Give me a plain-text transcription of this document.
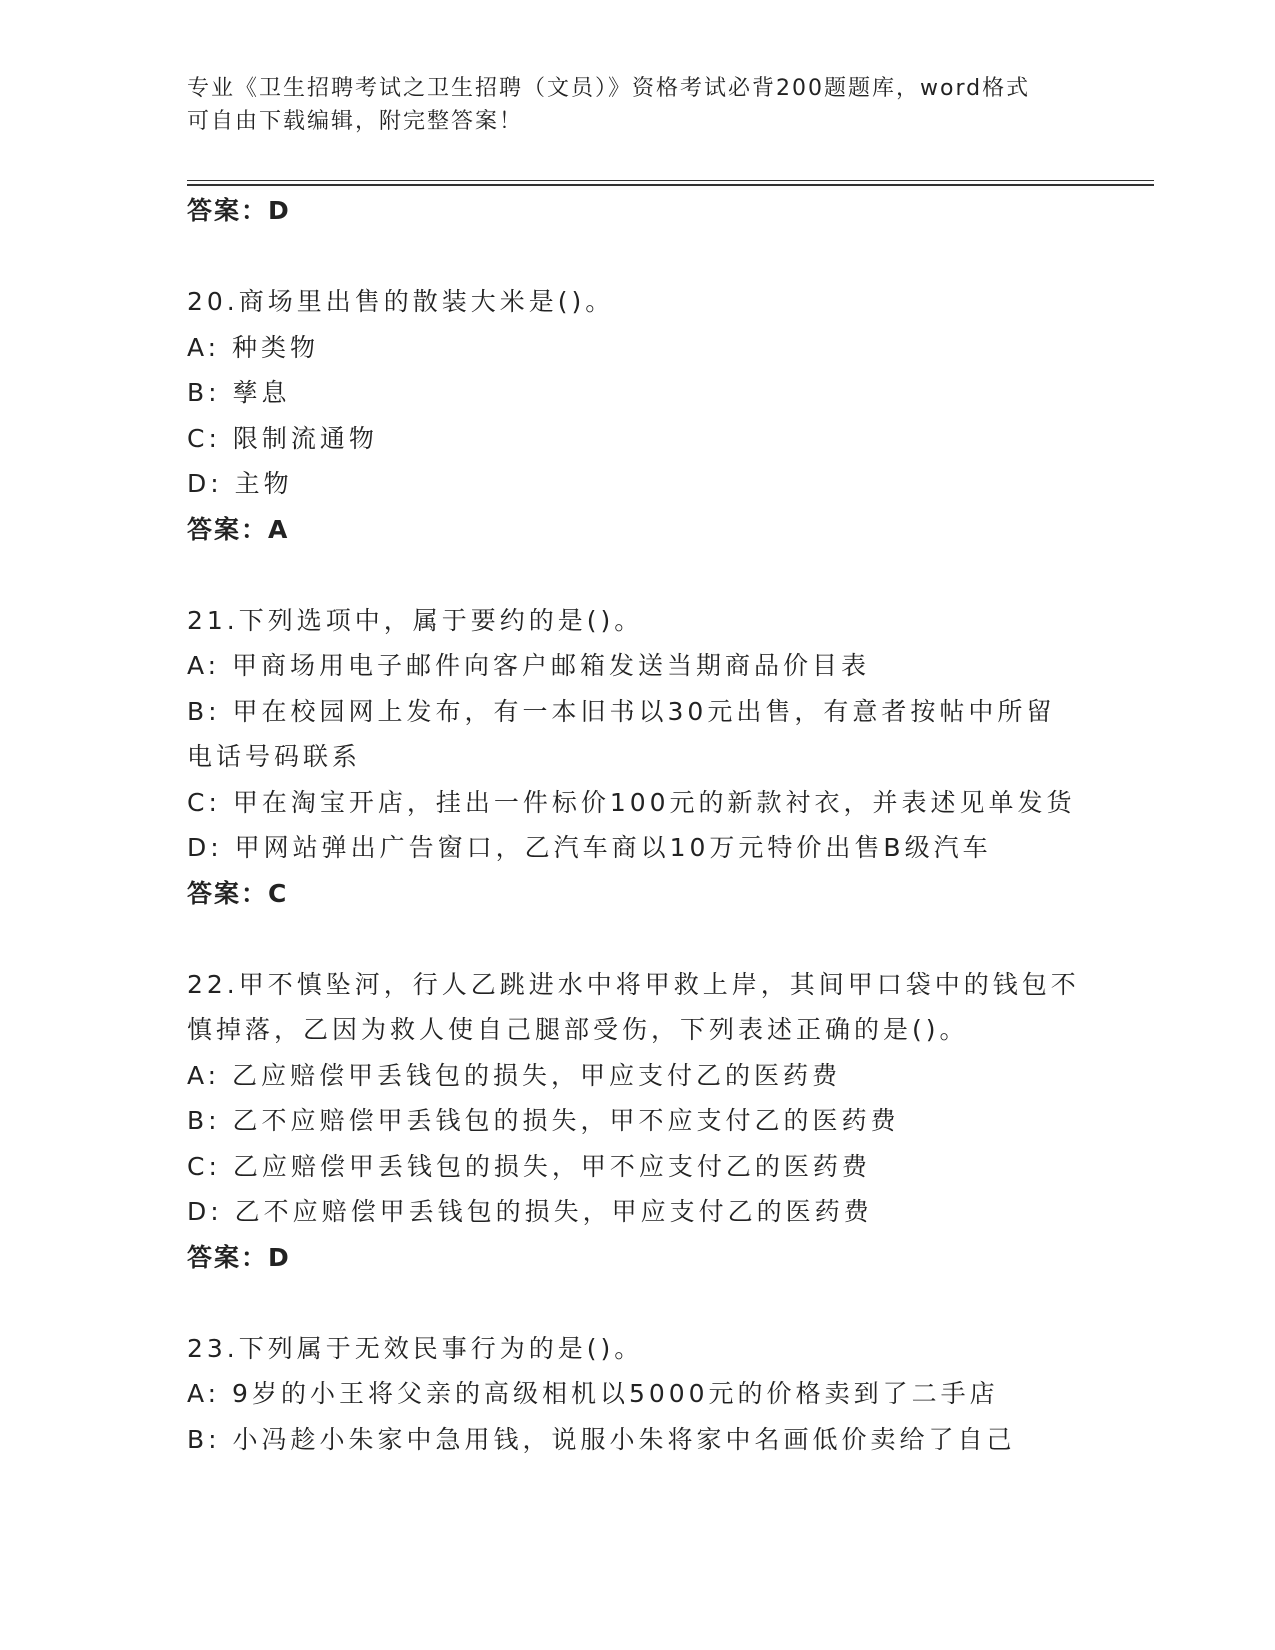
专业《卫生招聘考试之卫生招聘（文员）》资格考试必背200题题库，word格式
可自由下载编辑，附完整答案！
答案：D
20.商场里出售的散装大米是()。
A: 种类物
B: 孳息
C: 限制流通物
D: 主物
答案：A
21.下列选项中，属于要约的是()。
A: 甲商场用电子邮件向客户邮箱发送当期商品价目表
B: 甲在校园网上发布，有一本旧书以30元出售，有意者按帖中所留
电话号码联系
C: 甲在淘宝开店，挂出一件标价100元的新款衬衣，并表述见单发货
D: 甲网站弹出广告窗口，乙汽车商以10万元特价出售B级汽车
答案：C
22.甲不慎坠河，行人乙跳进水中将甲救上岸，其间甲口袋中的钱包不
慎掉落，乙因为救人使自己腿部受伤，下列表述正确的是()。
A: 乙应赔偿甲丢钱包的损失，甲应支付乙的医药费
B: 乙不应赔偿甲丢钱包的损失，甲不应支付乙的医药费
C: 乙应赔偿甲丢钱包的损失，甲不应支付乙的医药费
D: 乙不应赔偿甲丢钱包的损失，甲应支付乙的医药费
答案：D
23.下列属于无效民事行为的是()。
A: 9岁的小王将父亲的高级相机以5000元的价格卖到了二手店
B: 小冯趁小朱家中急用钱，说服小朱将家中名画低价卖给了自己
